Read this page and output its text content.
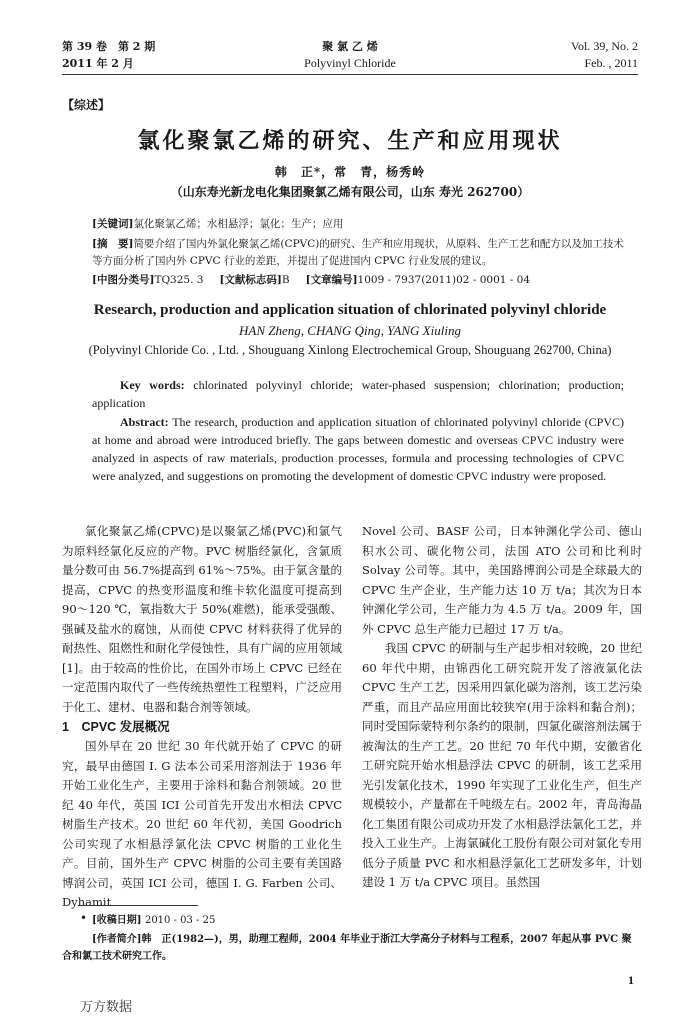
第 39 卷　第 2 期
2011 年 2 月
聚 氯 乙 烯
Polyvinyl Chloride
Vol. 39, No. 2
Feb. , 2011
【综述】
氯化聚氯乙烯的研究、生产和应用现状
韩　正*，常　青，杨秀岭
（山东寿光新龙电化集团聚氯乙烯有限公司，山东 寿光 262700）
[关键词]氯化聚氯乙烯；水相悬浮；氯化；生产；应用
[摘　要]简要介绍了国内外氯化聚氯乙烯(CPVC)的研究、生产和应用现状，从原料、生产工艺和配方以及加工技术等方面分析了国内外 CPVC 行业的差距，并提出了促进国内 CPVC 行业发展的建议。
[中图分类号]TQ325. 3 [文献标志码]B [文章编号]1009 - 7937(2011)02 - 0001 - 04
Research, production and application situation of chlorinated polyvinyl chloride
HAN Zheng, CHANG Qing, YANG Xiuling
(Polyvinyl Chloride Co. , Ltd. , Shouguang Xinlong Electrochemical Group, Shouguang 262700, China)
Key words: chlorinated polyvinyl chloride; water-phased suspension; chlorination; production; application
Abstract: The research, production and application situation of chlorinated polyvinyl chloride (CPVC) at home and abroad were introduced briefly. The gaps between domestic and overseas CPVC industry were analyzed in aspects of raw materials, production processes, formula and processing technologies of CPVC were analyzed, and suggestions on promoting the development of domestic CPVC industry were proposed.

氯化聚氯乙烯(CPVC)是以聚氯乙烯(PVC)和氯气为原料经氯化反应的产物。PVC 树脂经氯化，含氯质量分数可由 56.7%提高到 61%～75%。由于氯含量的提高，CPVC 的热变形温度和维卡软化温度可提高到 90～120 ℃，氧指数大于 50%(难燃)，能承受强酸、强碱及盐水的腐蚀，从而使 CPVC 材料获得了优异的耐热性、阻燃性和耐化学侵蚀性，具有广阔的应用领域[1]。由于较高的性价比，在国外市场上 CPVC 已经在一定范围内取代了一些传统热塑性工程塑料，广泛应用于化工、建材、电器和黏合剂等领域。

1　CPVC 发展概况

国外早在 20 世纪 30 年代就开始了 CPVC 的研究，最早由德国 I. G 法本公司采用溶剂法于 1936 年开始工业化生产，主要用于涂料和黏合剂领域。20 世纪 40 年代，英国 ICI 公司首先开发出水相法 CPVC 树脂生产技术。20 世纪 60 年代初，美国 Goodrich 公司实现了水相悬浮氯化法 CPVC 树脂的工业化生产。目前，国外生产 CPVC 树脂的公司主要有美国路博润公司，英国 ICI 公司，德国 I. G. Farben 公司、Dyhamit

Novel 公司、BASF 公司，日本钟渊化学公司、德山积水公司、碳化物公司，法国 ATO 公司和比利时 Solvay 公司等。其中，美国路博润公司是全球最大的 CPVC 生产企业，生产能力达 10 万 t/a；其次为日本钟渊化学公司，生产能力为 4.5 万 t/a。2009 年，国外 CPVC 总生产能力已超过 17 万 t/a。

我国 CPVC 的研制与生产起步相对较晚，20 世纪 60 年代中期，由锦西化工研究院开发了溶液氯化法 CPVC 生产工艺，因采用四氯化碳为溶剂，该工艺污染严重，而且产品应用面比较狭窄(用于涂料和黏合剂)；同时受国际蒙特利尔条约的限制，四氯化碳溶剂法属于被淘汰的生产工艺。20 世纪 70 年代中期，安徽省化工研究院开始水相悬浮法 CPVC 的研制，该工艺采用光引发氯化技术，1990 年实现了工业化生产，但生产规模较小，产量都在千吨级左右。2002 年，青岛海晶化工集团有限公司成功开发了水相悬浮法氯化工艺，并投入工业生产。上海氯碱化工股份有限公司对氯化专用低分子质量 PVC 和水相悬浮氯化工艺研发多年，计划建设 1 万 t/a CPVC 项目。虽然国

• [收稿日期] 2010 - 03 - 25
[作者简介]韩　正(1982—)，男，助理工程师，2004 年毕业于浙江大学高分子材料与工程系，2007 年起从事 PVC 聚合和氯工技术研究工作。
1
万方数据
